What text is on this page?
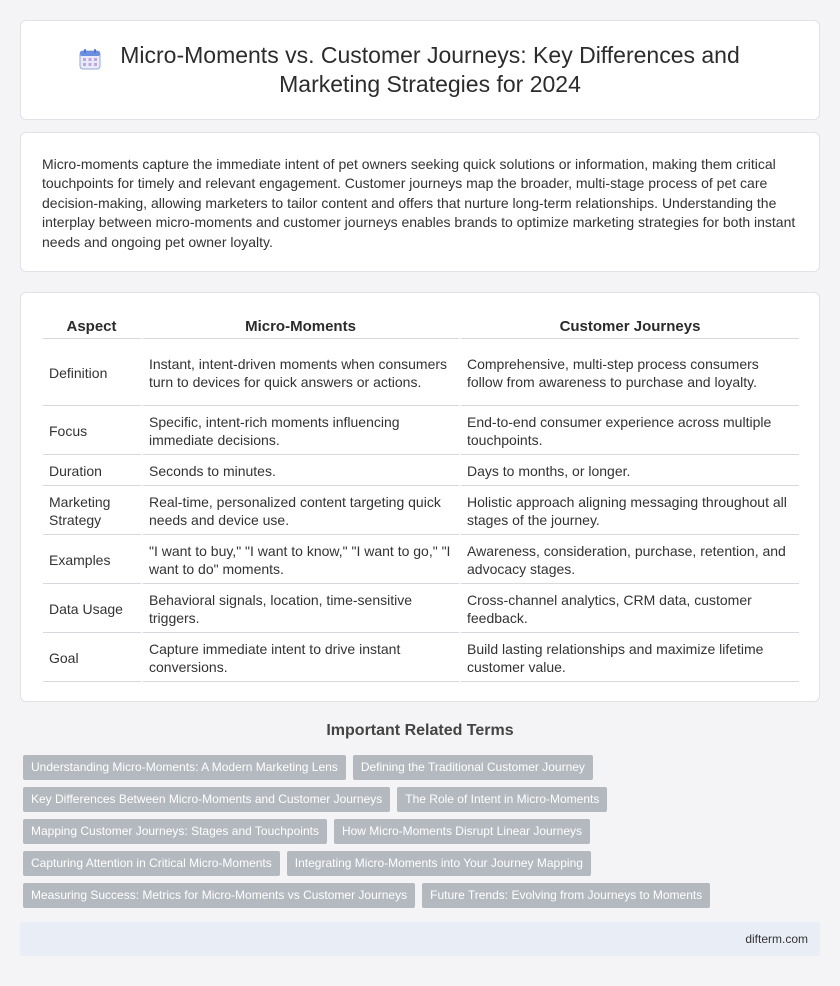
Micro-Moments vs. Customer Journeys: Key Differences and Marketing Strategies for 2024

Micro-moments capture the immediate intent of pet owners seeking quick solutions or information, making them critical touchpoints for timely and relevant engagement. Customer journeys map the broader, multi-stage process of pet care decision-making, allowing marketers to tailor content and offers that nurture long-term relationships. Understanding the interplay between micro-moments and customer journeys enables brands to optimize marketing strategies for both instant needs and ongoing pet owner loyalty.

Aspect	Micro-Moments	Customer Journeys
Definition	Instant, intent-driven moments when consumers turn to devices for quick answers or actions.	Comprehensive, multi-step process consumers follow from awareness to purchase and loyalty.
Focus	Specific, intent-rich moments influencing immediate decisions.	End-to-end consumer experience across multiple touchpoints.
Duration	Seconds to minutes.	Days to months, or longer.
Marketing Strategy	Real-time, personalized content targeting quick needs and device use.	Holistic approach aligning messaging throughout all stages of the journey.
Examples	"I want to buy," "I want to know," "I want to go," "I want to do" moments.	Awareness, consideration, purchase, retention, and advocacy stages.
Data Usage	Behavioral signals, location, time-sensitive triggers.	Cross-channel analytics, CRM data, customer feedback.
Goal	Capture immediate intent to drive instant conversions.	Build lasting relationships and maximize lifetime customer value.
Important Related Terms
Understanding Micro-Moments: A Modern Marketing Lens	Defining the Traditional Customer Journey
Key Differences Between Micro-Moments and Customer Journeys	The Role of Intent in Micro-Moments
Mapping Customer Journeys: Stages and Touchpoints	How Micro-Moments Disrupt Linear Journeys
Capturing Attention in Critical Micro-Moments	Integrating Micro-Moments into Your Journey Mapping
Measuring Success: Metrics for Micro-Moments vs Customer Journeys	Future Trends: Evolving from Journeys to Moments
difterm.com
